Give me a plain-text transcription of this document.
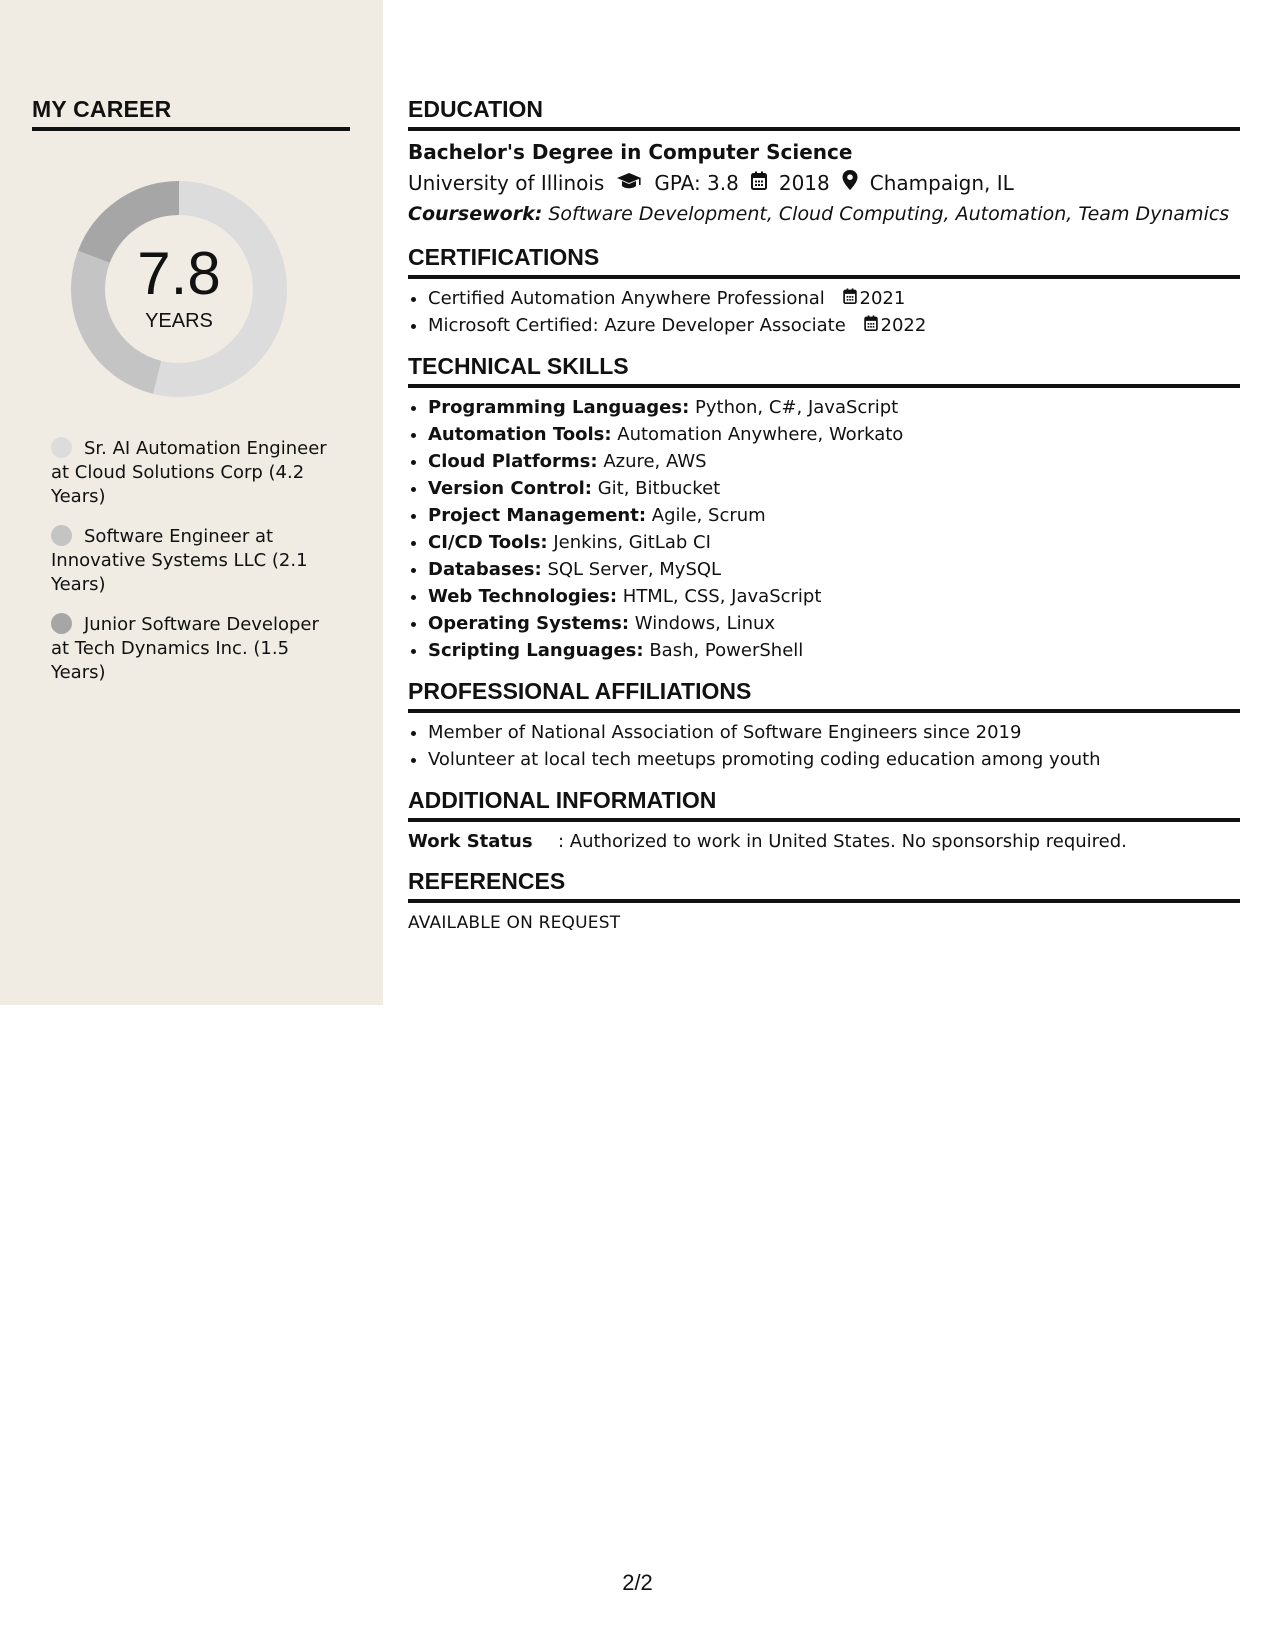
MY CAREER
7.8
YEARS
Sr. AI Automation Engineer at Cloud Solutions Corp (4.2 Years)
Software Engineer at Innovative Systems LLC (2.1 Years)
Junior Software Developer at Tech Dynamics Inc. (1.5 Years)
EDUCATION
Bachelor's Degree in Computer Science
University of Illinois	GPA: 3.8 2018 Champaign, IL
Coursework: Software Development, Cloud Computing, Automation, Team Dynamics
CERTIFICATIONS
• Certified Automation Anywhere Professional 2021
• Microsoft Certified: Azure Developer Associate 2022
TECHNICAL SKILLS
• Programming Languages: Python, C#, JavaScript
• Automation Tools: Automation Anywhere, Workato
• Cloud Platforms: Azure, AWS
• Version Control: Git, Bitbucket
• Project Management: Agile, Scrum
• CI/CD Tools: Jenkins, GitLab CI
• Databases: SQL Server, MySQL
• Web Technologies: HTML, CSS, JavaScript
• Operating Systems: Windows, Linux
• Scripting Languages: Bash, PowerShell
PROFESSIONAL AFFILIATIONS
• Member of National Association of Software Engineers since 2019
• Volunteer at local tech meetups promoting coding education among youth
ADDITIONAL INFORMATION
Work Status	: Authorized to work in United States. No sponsorship required.
REFERENCES
AVAILABLE ON REQUEST
2/2
